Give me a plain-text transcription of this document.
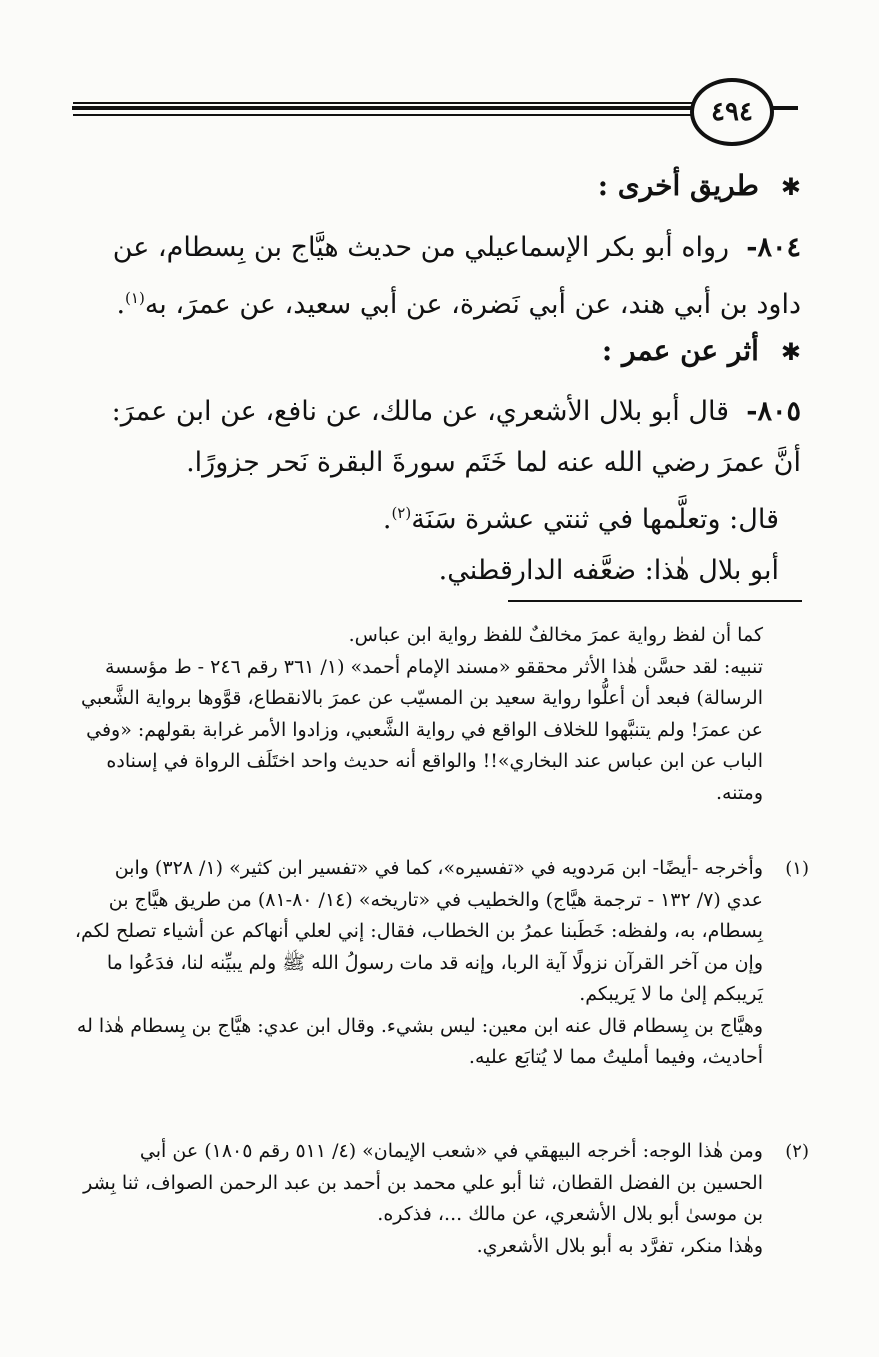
٤٩٤
✱طريق أخرى :
٨٠٤-  رواه أبو بكر الإسماعيلي من حديث هيَّاج بن بِسطام، عن داود بن أبي هند، عن أبي نَضرة، عن أبي سعيد، عن عمرَ، به$^{(١)}$.
✱أثر عن عمر :
٨٠٥-  قال أبو بلال الأشعري، عن مالك، عن نافع، عن ابن عمرَ:
أنَّ عمرَ رضي الله عنه لما خَتَم سورةَ البقرة نَحر جزورًا.
قال: وتعلَّمها في ثنتي عشرة سَنَة$^{(٢)}$.
أبو بلال هٰذا: ضعَّفه الدارقطني.
كما أن لفظ رواية عمرَ مخالفٌ للفظ رواية ابن عباس.
تنبيه: لقد حسَّن هٰذا الأثر محققو «مسند الإمام أحمد» (١/ ٣٦١ رقم ٢٤٦ - ط مؤسسة الرسالة) فبعد أن أعلُّوا رواية سعيد بن المسيّب عن عمرَ بالانقطاع، قوَّوها برواية الشَّعبي عن عمرَ! ولم يتنبَّهوا للخلاف الواقع في رواية الشَّعبي، وزادوا الأمر غرابة بقولهم: «وفي الباب عن ابن عباس عند البخاري»!! والواقع أنه حديث واحد اختَلَف الرواة في إسناده ومتنه.
(١)
وأخرجه -أيضًا- ابن مَردويه في «تفسيره»، كما في «تفسير ابن كثير» (١/ ٣٢٨) وابن عدي (٧/ ١٣٢ - ترجمة هيَّاج) والخطيب في «تاريخه» (١٤/ ٨٠-٨١) من طريق هيَّاج بن بِسطام، به، ولفظه: خَطَبنا عمرُ بن الخطاب، فقال: إني لعلي أنهاكم عن أشياء تصلح لكم، وإن من آخر القرآن نزولًا آية الربا، وإنه قد مات رسولُ الله ﷺ ولم يبيِّنه لنا، فدَعُوا ما يَريبكم إلىٰ ما لا يَريبكم.
وهيَّاج بن بِسطام قال عنه ابن معين: ليس بشيء. وقال ابن عدي: هيَّاج بن بِسطام هٰذا له أحاديث، وفيما أمليتُ مما لا يُتابَع عليه.
(٢)
ومن هٰذا الوجه: أخرجه البيهقي في «شعب الإيمان» (٤/ ٥١١ رقم ١٨٠٥) عن أبي الحسين بن الفضل القطان، ثنا أبو علي محمد بن أحمد بن عبد الرحمن الصواف، ثنا بِشر بن موسىٰ أبو بلال الأشعري، عن مالك ...، فذكره.
وهٰذا منكر، تفرَّد به أبو بلال الأشعري.
